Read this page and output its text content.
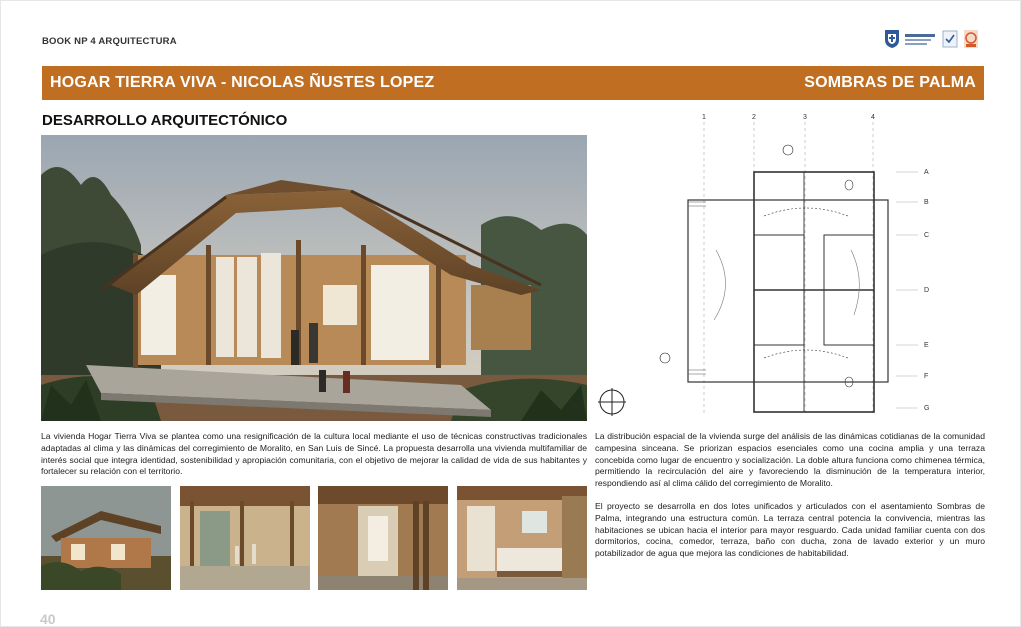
BOOK NP 4 ARQUITECTURA
HOGAR TIERRA VIVA - NICOLAS ÑUSTES LOPEZ	SOMBRAS DE PALMA
DESARROLLO ARQUITECTÓNICO
La vivienda Hogar Tierra Viva se plantea como una resignificación de la cultura local mediante el uso de técnicas constructivas tradicionales adaptadas al clima y las dinámicas del corregimiento de Moralito, en San Luis de Sincé. La propuesta desarrolla una vivienda multifamiliar de interés social que integra identidad, sostenibilidad y apropiación comunitaria, con el objetivo de mejorar la calidad de vida de sus habitantes y fortalecer su relación con el territorio.
1	2	3	4
A
B
C
D
E
F
G

La distribución espacial de la vivienda surge del análisis de las dinámicas cotidianas de la comunidad campesina sinceana. Se priorizan espacios esenciales como una cocina amplia y una terraza concebida como lugar de encuentro y socialización. La doble altura funciona como chimenea térmica, permitiendo la recirculación del aire y favoreciendo la disminución de la temperatura interior, respondiendo así al clima cálido del corregimiento de Moralito.

El proyecto se desarrolla en dos lotes unificados y articulados con el asentamiento Sombras de Palma, integrando una estructura común. La terraza central potencia la convivencia, mientras las habitaciones se ubican hacia el interior para mayor resguardo. Cada unidad familiar cuenta con dos dormitorios, cocina, comedor, terraza, baño con ducha, zona de lavado exterior y un muro potabilizador de agua que mejora las condiciones de habitabilidad.

40
